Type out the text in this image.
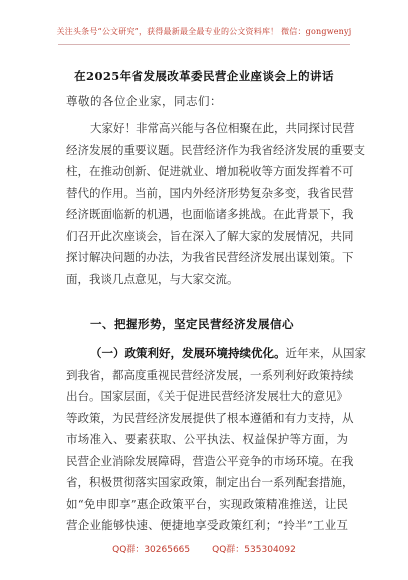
关注头条号“公文研究”，获得最新最全最专业的公文资料库！ 微信：gongwenyj
在2025年省发展改革委民营企业座谈会上的讲话
尊敬的各位企业家，同志们：
大家好！非常高兴能与各位相聚在此，共同探讨民营
经济发展的重要议题。民营经济作为我省经济发展的重要支
柱，在推动创新、促进就业、增加税收等方面发挥着不可
替代的作用。当前，国内外经济形势复杂多变，我省民营
经济既面临新的机遇，也面临诸多挑战。在此背景下，我
们召开此次座谈会，旨在深入了解大家的发展情况，共同
探讨解决问题的办法，为我省民营经济发展出谋划策。下
面，我谈几点意见，与大家交流。
一、把握形势，坚定民营经济发展信心
（一）政策利好，发展环境持续优化。近年来，从国家
到我省，都高度重视民营经济发展，一系列利好政策持续
出台。国家层面，《关于促进民营经济发展壮大的意见》
等政策，为民营经济发展提供了根本遵循和有力支持，从
市场准入、要素获取、公平执法、权益保护等方面，为
民营企业消除发展障碍，营造公平竞争的市场环境。在我
省，积极贯彻落实国家政策，制定出台一系列配套措施，
如“免申即享”惠企政策平台，实现政策精准推送，让民
营企业能够快速、便捷地享受政策红利；“拎半”工业互
QQ群：30265665 QQ群：535304092
